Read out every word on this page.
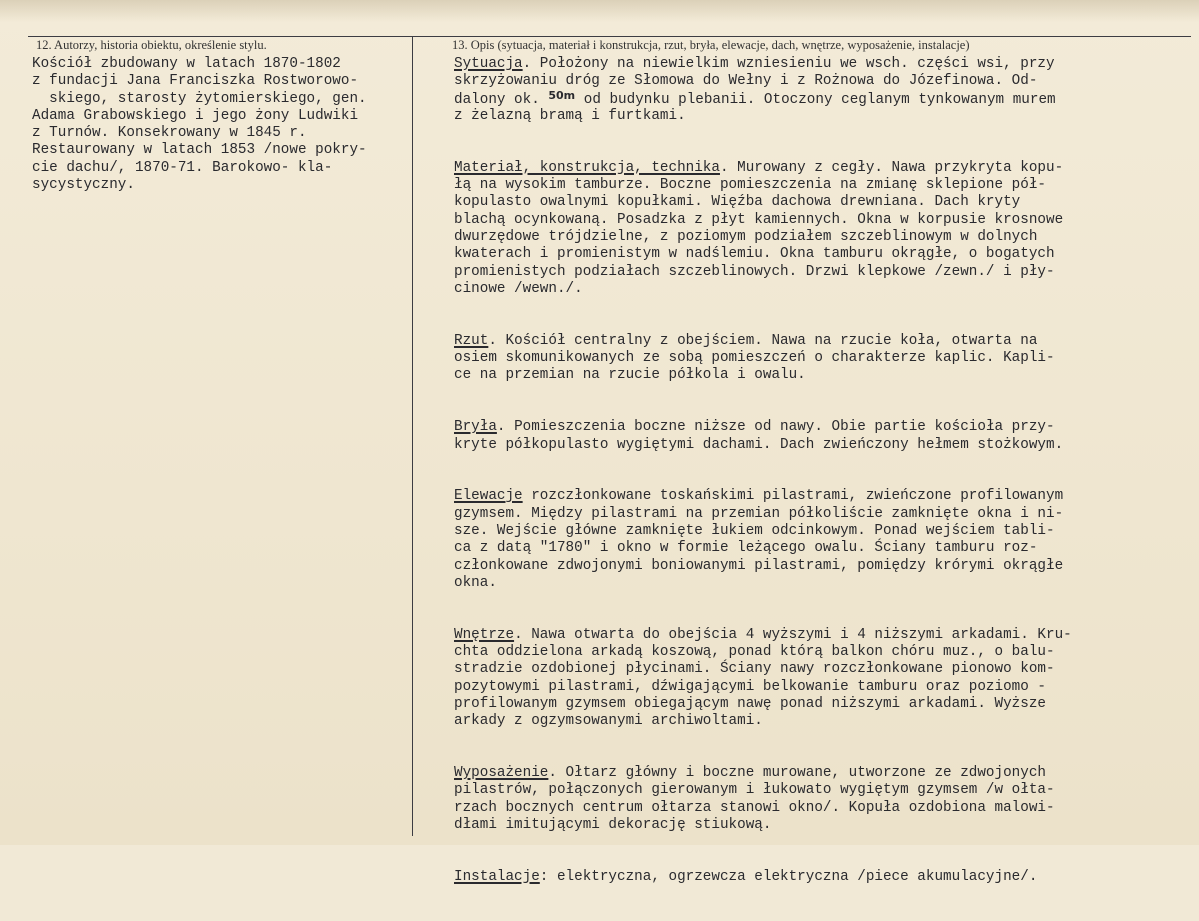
12. Autorzy, historia obiektu, określenie stylu.	13. Opis (sytuacja, materiał i konstrukcja, rzut, bryła, elewacje, dach, wnętrze, wyposażenie, instalacje)
Kościół zbudowany w latach 1870-1802
z fundacji Jana Franciszka Rostworowo-
skiego, starosty żytomierskiego, gen.
Adama Grabowskiego i jego żony Ludwiki
z Turnów. Konsekrowany w 1845 r.
Restaurowany w latach 1853 /nowe pokry-
cie dachu/, 1870-71. Barokowo- kla-
sycystyczny.
Sytuacja. Położony na niewielkim wzniesieniu we wsch. części wsi, przy
skrzyżowaniu dróg ze Słomowa do Wełny i z Rożnowa do Józefinowa. Od-
dalony ok. $^{50m}$ od budynku plebanii. Otoczony ceglanym tynkowanym murem
z żelazną bramą i furtkami.
Materiał, konstrukcja, technika. Murowany z cegły. Nawa przykryta kopu-
łą na wysokim tamburze. Boczne pomieszczenia na zmianę sklepione pół-
kopulasto owalnymi kopułkami. Więźba dachowa drewniana. Dach kryty
blachą ocynkowaną. Posadzka z płyt kamiennych. Okna w korpusie krosnowe
dwurzędowe trójdzielne, z poziomym podziałem szczeblinowym w dolnych
kwaterach i promienistym w nadślemiu. Okna tamburu okrągłe, o bogatych
promienistych podziałach szczeblinowych. Drzwi klepkowe /zewn./ i pły-
cinowe /wewn./.
Rzut. Kościół centralny z obejściem. Nawa na rzucie koła, otwarta na
osiem skomunikowanych ze sobą pomieszczeń o charakterze kaplic. Kapli-
ce na przemian na rzucie półkola i owalu.
Bryła. Pomieszczenia boczne niższe od nawy. Obie partie kościoła przy-
kryte półkopulasto wygiętymi dachami. Dach zwieńczony hełmem stożkowym.
Elewacje rozczłonkowane toskańskimi pilastrami, zwieńczone profilowanym
gzymsem. Między pilastrami na przemian półkoliście zamknięte okna i ni-
sze. Wejście główne zamknięte łukiem odcinkowym. Ponad wejściem tabli-
ca z datą "1780" i okno w formie leżącego owalu. Ściany tamburu roz-
członkowane zdwojonymi boniowanymi pilastrami, pomiędzy krórymi okrągłe
okna.
Wnętrze. Nawa otwarta do obejścia 4 wyższymi i 4 niższymi arkadami. Kru-
chta oddzielona arkadą koszową, ponad którą balkon chóru muz., o balu-
stradzie ozdobionej płycinami. Ściany nawy rozczłonkowane pionowo kom-
pozytowymi pilastrami, dźwigającymi belkowanie tamburu oraz poziomo -
profilowanym gzymsem obiegającym nawę ponad niższymi arkadami. Wyższe
arkady z ogzymsowanymi archiwoltami.
Wyposażenie. Ołtarz główny i boczne murowane, utworzone ze zdwojonych
pilastrów, połączonych gierowanym i łukowato wygiętym gzymsem /w ołta-
rzach bocznych centrum ołtarza stanowi okno/. Kopuła ozdobiona malowi-
dłami imitującymi dekorację stiukową.
Instalacje: elektryczna, ogrzewcza elektryczna /piece akumulacyjne/.
